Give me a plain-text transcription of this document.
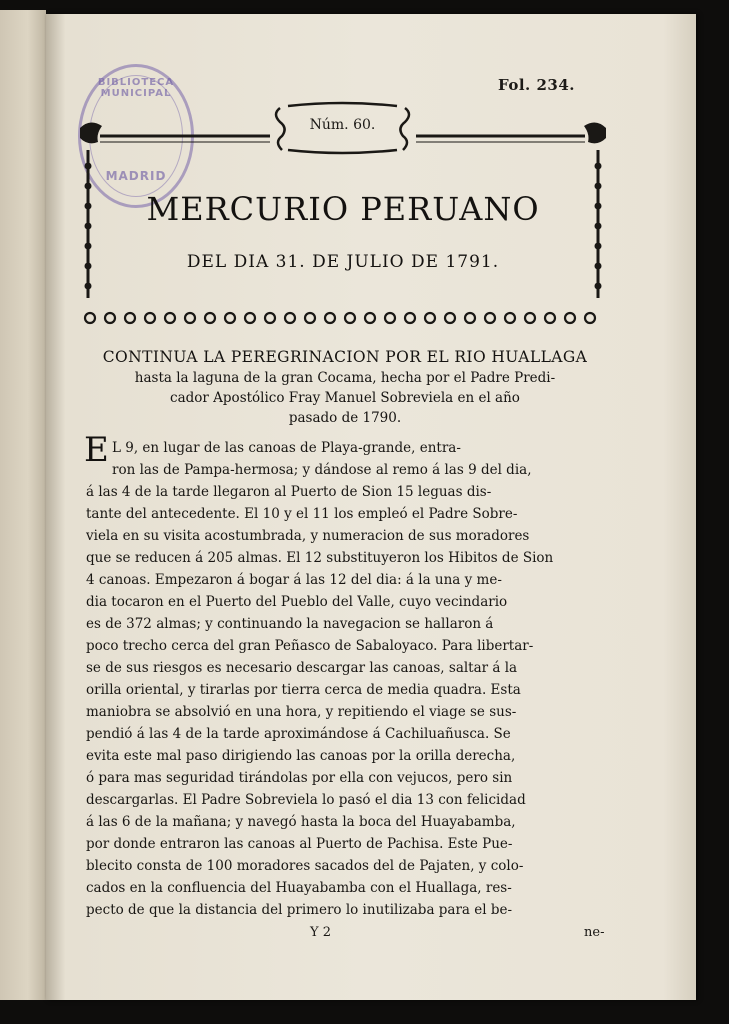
Fol. 234.
BIBLIOTECA MUNICIPAL
MADRID
Núm. 60.
MERCURIO PERUANO
DEL DIA 31. DE JULIO DE 1791.
CONTINUA LA PEREGRINACION POR EL RIO HUALLAGA
hasta la laguna de la gran Cocama, hecha por el Padre Predi-
cador Apostólico Fray Manuel Sobreviela en el año
pasado de 1790.
E L 9, en lugar de las canoas de Playa-grande, entra-
ron las de Pampa-hermosa; y dándose al remo á las 9 del dia,
á las 4 de la tarde llegaron al Puerto de Sion 15 leguas dis-
tante del antecedente. El 10 y el 11 los empleó el Padre Sobre-
viela en su visita acostumbrada, y numeracion de sus moradores
que se reducen á 205 almas. El 12 substituyeron los Hibitos de Sion
4 canoas. Empezaron á bogar á las 12 del dia: á la una y me-
dia tocaron en el Puerto del Pueblo del Valle, cuyo vecindario
es de 372 almas; y continuando la navegacion se hallaron á
poco trecho cerca del gran Peñasco de Sabaloyaco. Para libertar-
se de sus riesgos es necesario descargar las canoas, saltar á la
orilla oriental, y tirarlas por tierra cerca de media quadra. Esta
maniobra se absolvió en una hora, y repitiendo el viage se sus-
pendió á las 4 de la tarde aproximándose á Cachiluañusca. Se
evita este mal paso dirigiendo las canoas por la orilla derecha,
ó para mas seguridad tirándolas por ella con vejucos, pero sin
descargarlas. El Padre Sobreviela lo pasó el dia 13 con felicidad
á las 6 de la mañana; y navegó hasta la boca del Huayabamba,
por donde entraron las canoas al Puerto de Pachisa. Este Pue-
blecito consta de 100 moradores sacados del de Pajaten, y colo-
cados en la confluencia del Huayabamba con el Huallaga, res-
pecto de que la distancia del primero lo inutilizaba para el be-
Y 2	ne-
